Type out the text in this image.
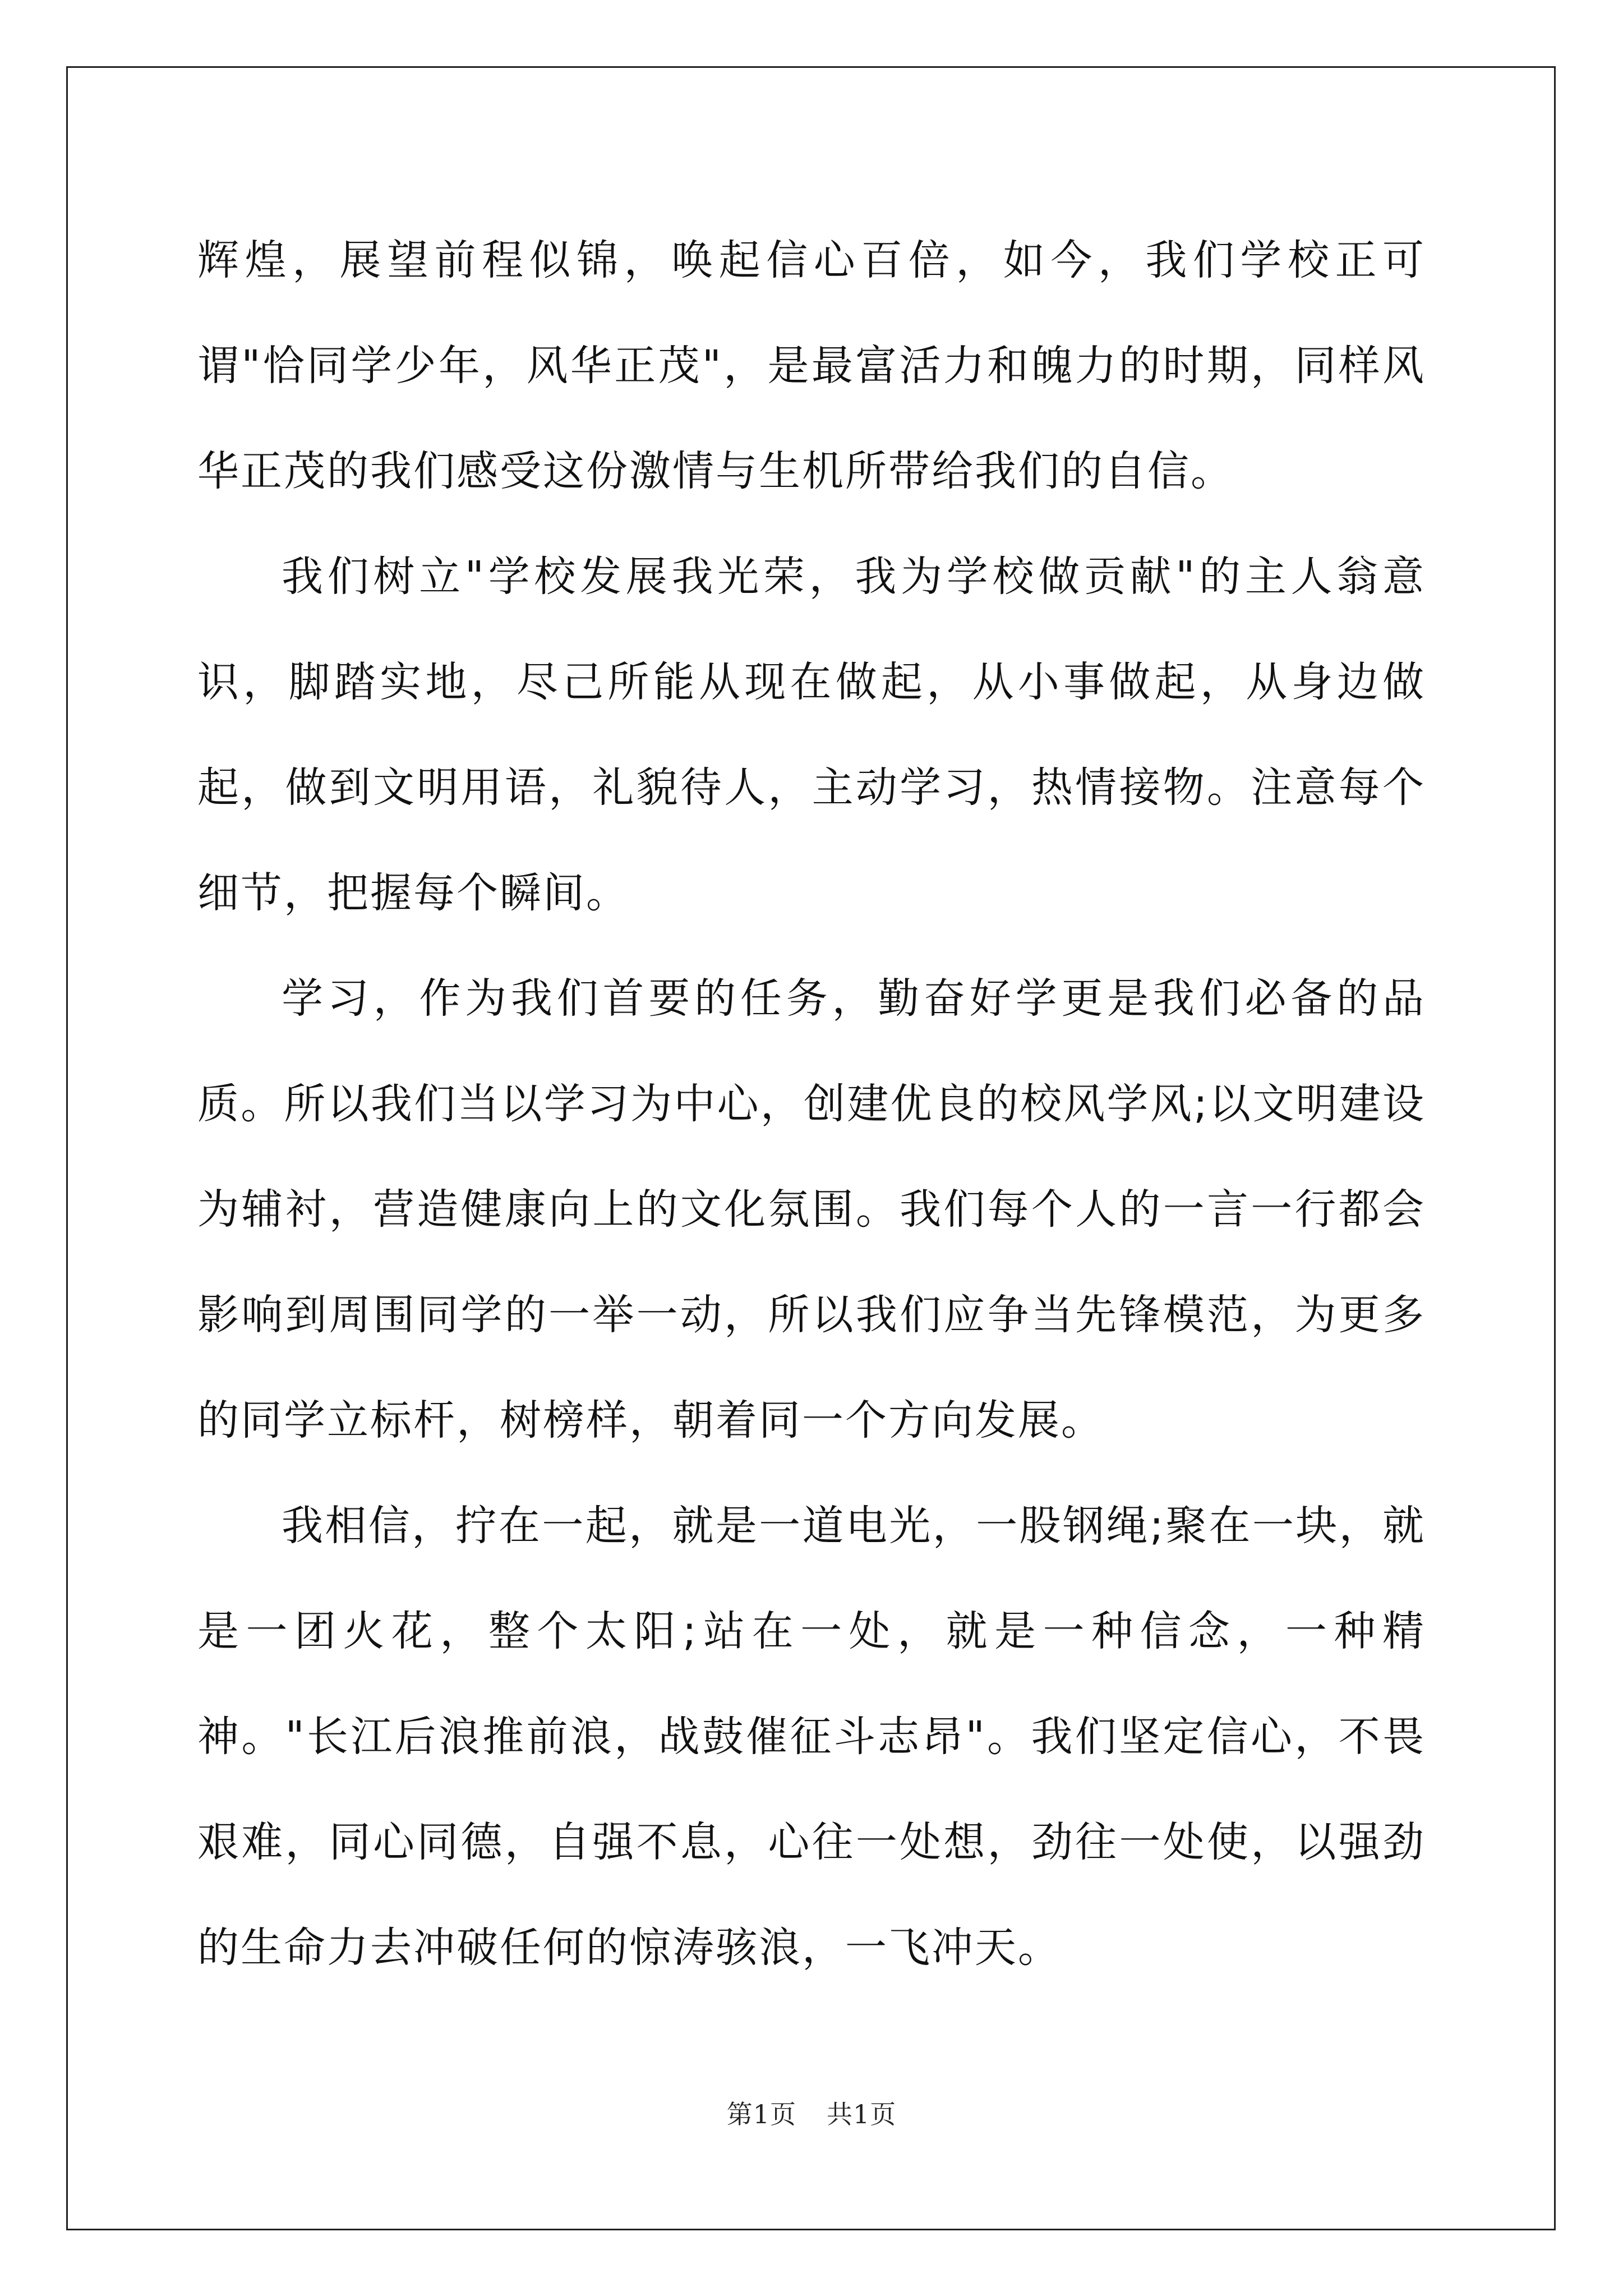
辉煌，展望前程似锦，唤起信心百倍，如今，我们学校正可谓"恰同学少年，风华正茂"，是最富活力和魄力的时期，同样风华正茂的我们感受这份激情与生机所带给我们的自信。

我们树立"学校发展我光荣，我为学校做贡献"的主人翁意识，脚踏实地，尽己所能从现在做起，从小事做起，从身边做起，做到文明用语，礼貌待人，主动学习，热情接物。注意每个细节，把握每个瞬间。

学习，作为我们首要的任务，勤奋好学更是我们必备的品质。所以我们当以学习为中心，创建优良的校风学风;以文明建设为辅衬，营造健康向上的文化氛围。我们每个人的一言一行都会影响到周围同学的一举一动，所以我们应争当先锋模范，为更多的同学立标杆，树榜样，朝着同一个方向发展。

我相信，拧在一起，就是一道电光，一股钢绳;聚在一块，就是一团火花，整个太阳;站在一处，就是一种信念，一种精神。"长江后浪推前浪，战鼓催征斗志昂"。我们坚定信心，不畏艰难，同心同德，自强不息，心往一处想，劲往一处使，以强劲的生命力去冲破任何的惊涛骇浪，一飞冲天。

第1页 共1页
